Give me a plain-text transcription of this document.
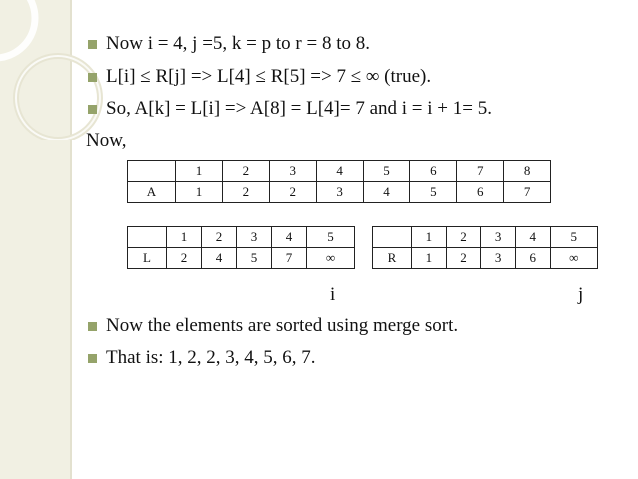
Now i = 4, j =5, k = p to r = 8 to 8.
L[i] ≤ R[j] => L[4] ≤ R[5] => 7 ≤ ∞ (true).
So, A[k] = L[i] => A[8] = L[4]= 7 and i = i + 1= 5.
Now,
	1	2	3	4	5	6	7	8
A	1	2	2	3	4	5	6	7
	1	2	3	4	5
L	2	4	5	7	∞
	1	2	3	4	5
R	1	2	3	6	∞
i	j
Now the elements are sorted using merge sort.
That is: 1, 2, 2, 3, 4, 5, 6, 7.
